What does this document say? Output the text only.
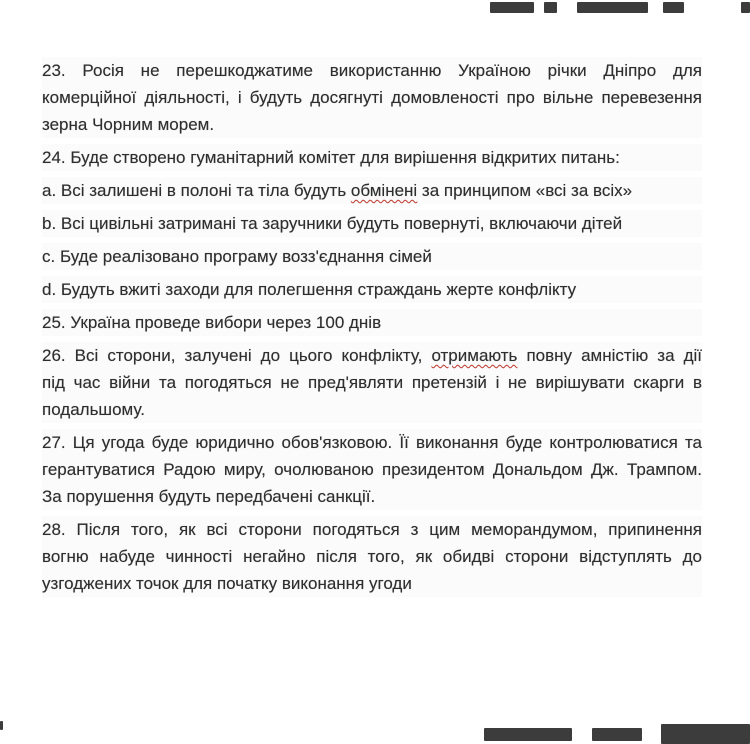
23. Росія не перешкоджатиме використанню Україною річки Дніпро для
комерційної діяльності, і будуть досягнуті домовленості про вільне перевезення
зерна Чорним морем.
24. Буде створено гуманітарний комітет для вирішення відкритих питань:
a. Всі залишені в полоні та тіла будуть обмінені за принципом «всі за всіх»
b. Всі цивільні затримані та заручники будуть повернуті, включаючи дітей
c. Буде реалізовано програму возз'єднання сімей
d. Будуть вжиті заходи для полегшення страждань жерте конфлікту
25. Україна проведе вибори через 100 днів
26. Всі сторони, залучені до цього конфлікту, отримають повну амністію за дії
під час війни та погодяться не пред'являти претензій і не вирішувати скарги в
подальшому.
27. Ця угода буде юридично обов'язковою. Її виконання буде контролюватися та
герантуватися Радою миру, очолюваною президентом Дональдом Дж. Трампом.
За порушення будуть передбачені санкції.
28. Після того, як всі сторони погодяться з цим меморандумом, припинення
вогню набуде чинності негайно після того, як обидві сторони відступлять до
узгоджених точок для початку виконання угоди
